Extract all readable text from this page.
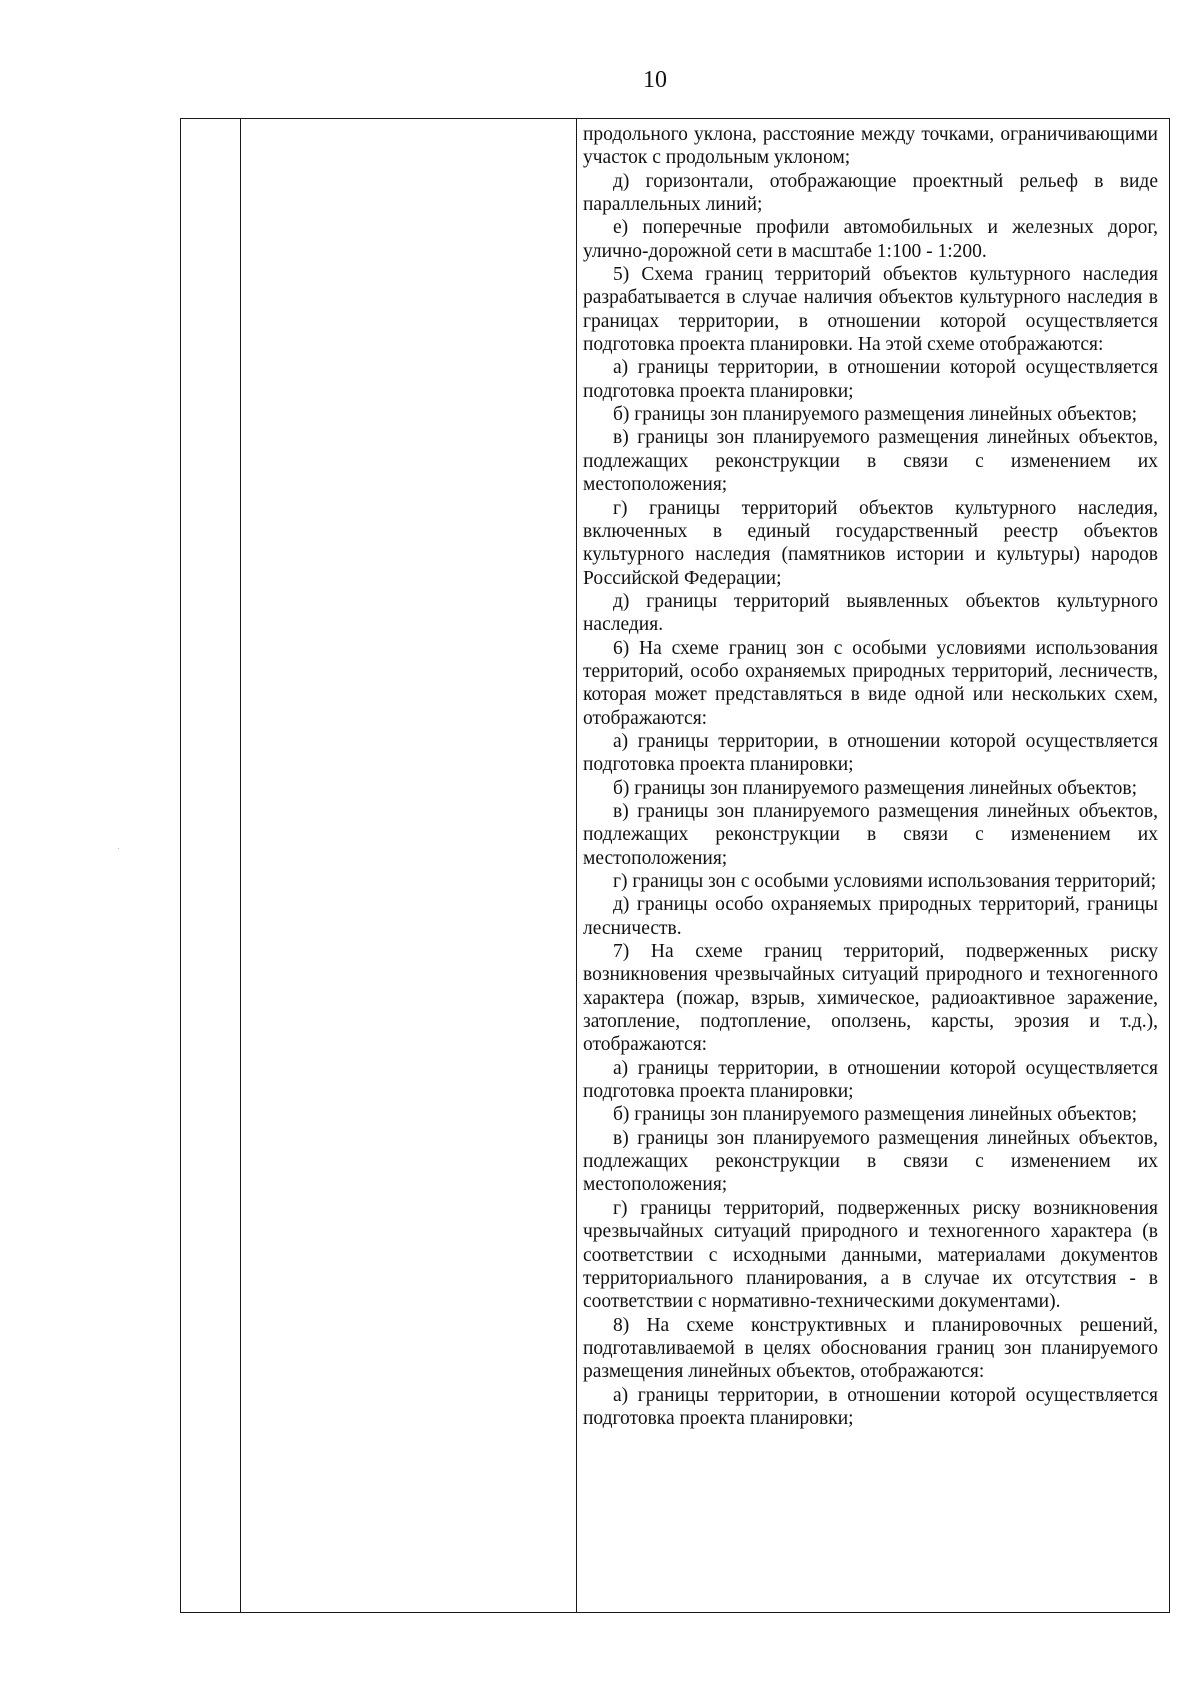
10

продольного уклона, расстояние между точками, ограничивающими участок с продольным уклоном;

д) горизонтали, отображающие проектный рельеф в виде параллельных линий;

е) поперечные профили автомобильных и железных дорог, улично-дорожной сети в масштабе 1:100 - 1:200.

5) Схема границ территорий объектов культурного наследия разрабатывается в случае наличия объектов культурного наследия в границах территории, в отношении которой осуществляется подготовка проекта планировки. На этой схеме отображаются:

а) границы территории, в отношении которой осуществляется подготовка проекта планировки;

б) границы зон планируемого размещения линейных объектов;

в) границы зон планируемого размещения линейных объектов, подлежащих реконструкции в связи с изменением их местоположения;

г) границы территорий объектов культурного наследия, включенных в единый государственный реестр объектов культурного наследия (памятников истории и культуры) народов Российской Федерации;

д) границы территорий выявленных объектов культурного наследия.

6) На схеме границ зон с особыми условиями использования территорий, особо охраняемых природных территорий, лесничеств, которая может представляться в виде одной или нескольких схем, отображаются:

а) границы территории, в отношении которой осуществляется подготовка проекта планировки;

б) границы зон планируемого размещения линейных объектов;

в) границы зон планируемого размещения линейных объектов, подлежащих реконструкции в связи с изменением их местоположения;

г) границы зон с особыми условиями использования территорий;

д) границы особо охраняемых природных территорий, границы лесничеств.

7) На схеме границ территорий, подверженных риску возникновения чрезвычайных ситуаций природного и техногенного характера (пожар, взрыв, химическое, радиоактивное заражение, затопление, подтопление, оползень, карсты, эрозия и т.д.), отображаются:

а) границы территории, в отношении которой осуществляется подготовка проекта планировки;

б) границы зон планируемого размещения линейных объектов;

в) границы зон планируемого размещения линейных объектов, подлежащих реконструкции в связи с изменением их местоположения;

г) границы территорий, подверженных риску возникновения чрезвычайных ситуаций природного и техногенного характера (в соответствии с исходными данными, материалами документов территориального планирования, а в случае их отсутствия - в соответствии с нормативно-техническими документами).

8) На схеме конструктивных и планировочных решений, подготавливаемой в целях обоснования границ зон планируемого размещения линейных объектов, отображаются:

а) границы территории, в отношении которой осуществляется подготовка проекта планировки;
